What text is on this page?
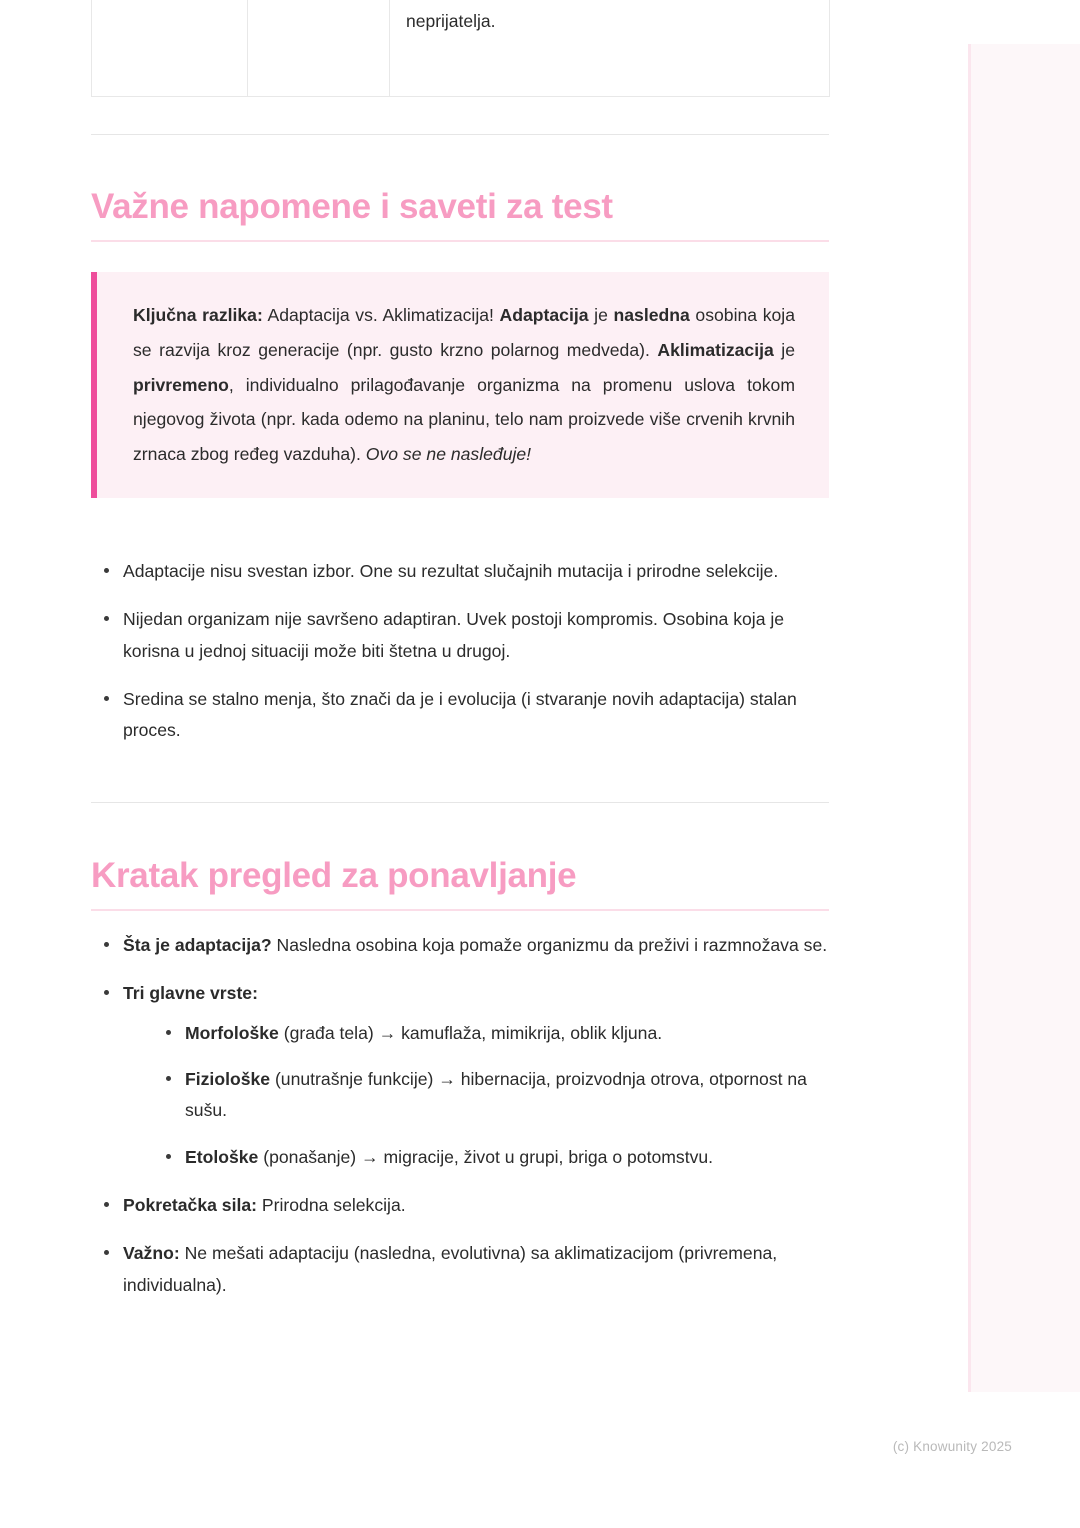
		neprijatelja.
Važne napomene i saveti za test

Ključna razlika: Adaptacija vs. Aklimatizacija! Adaptacija je nasledna osobina koja se razvija kroz generacije (npr. gusto krzno polarnog medveda). Aklimatizacija je privremeno, individualno prilagođavanje organizma na promenu uslova tokom njegovog života (npr. kada odemo na planinu, telo nam proizvede više crvenih krvnih zrnaca zbog ređeg vazduha). Ovo se ne nasleđuje!

Adaptacije nisu svestan izbor. One su rezultat slučajnih mutacija i prirodne selekcije.
Nijedan organizam nije savršeno adaptiran. Uvek postoji kompromis. Osobina koja je korisna u jednoj situaciji može biti štetna u drugoj.
Sredina se stalno menja, što znači da je i evolucija (i stvaranje novih adaptacija) stalan proces.
Kratak pregled za ponavljanje
Šta je adaptacija? Nasledna osobina koja pomaže organizmu da preživi i razmnožava se.
Tri glavne vrste:
Morfološke (građa tela) → kamuflaža, mimikrija, oblik kljuna.
Fiziološke (unutrašnje funkcije) → hibernacija, proizvodnja otrova, otpornost na sušu.
Etološke (ponašanje) → migracije, život u grupi, briga o potomstvu.
Pokretačka sila: Prirodna selekcija.
Važno: Ne mešati adaptaciju (nasledna, evolutivna) sa aklimatizacijom (privremena, individualna).
(c) Knowunity 2025
